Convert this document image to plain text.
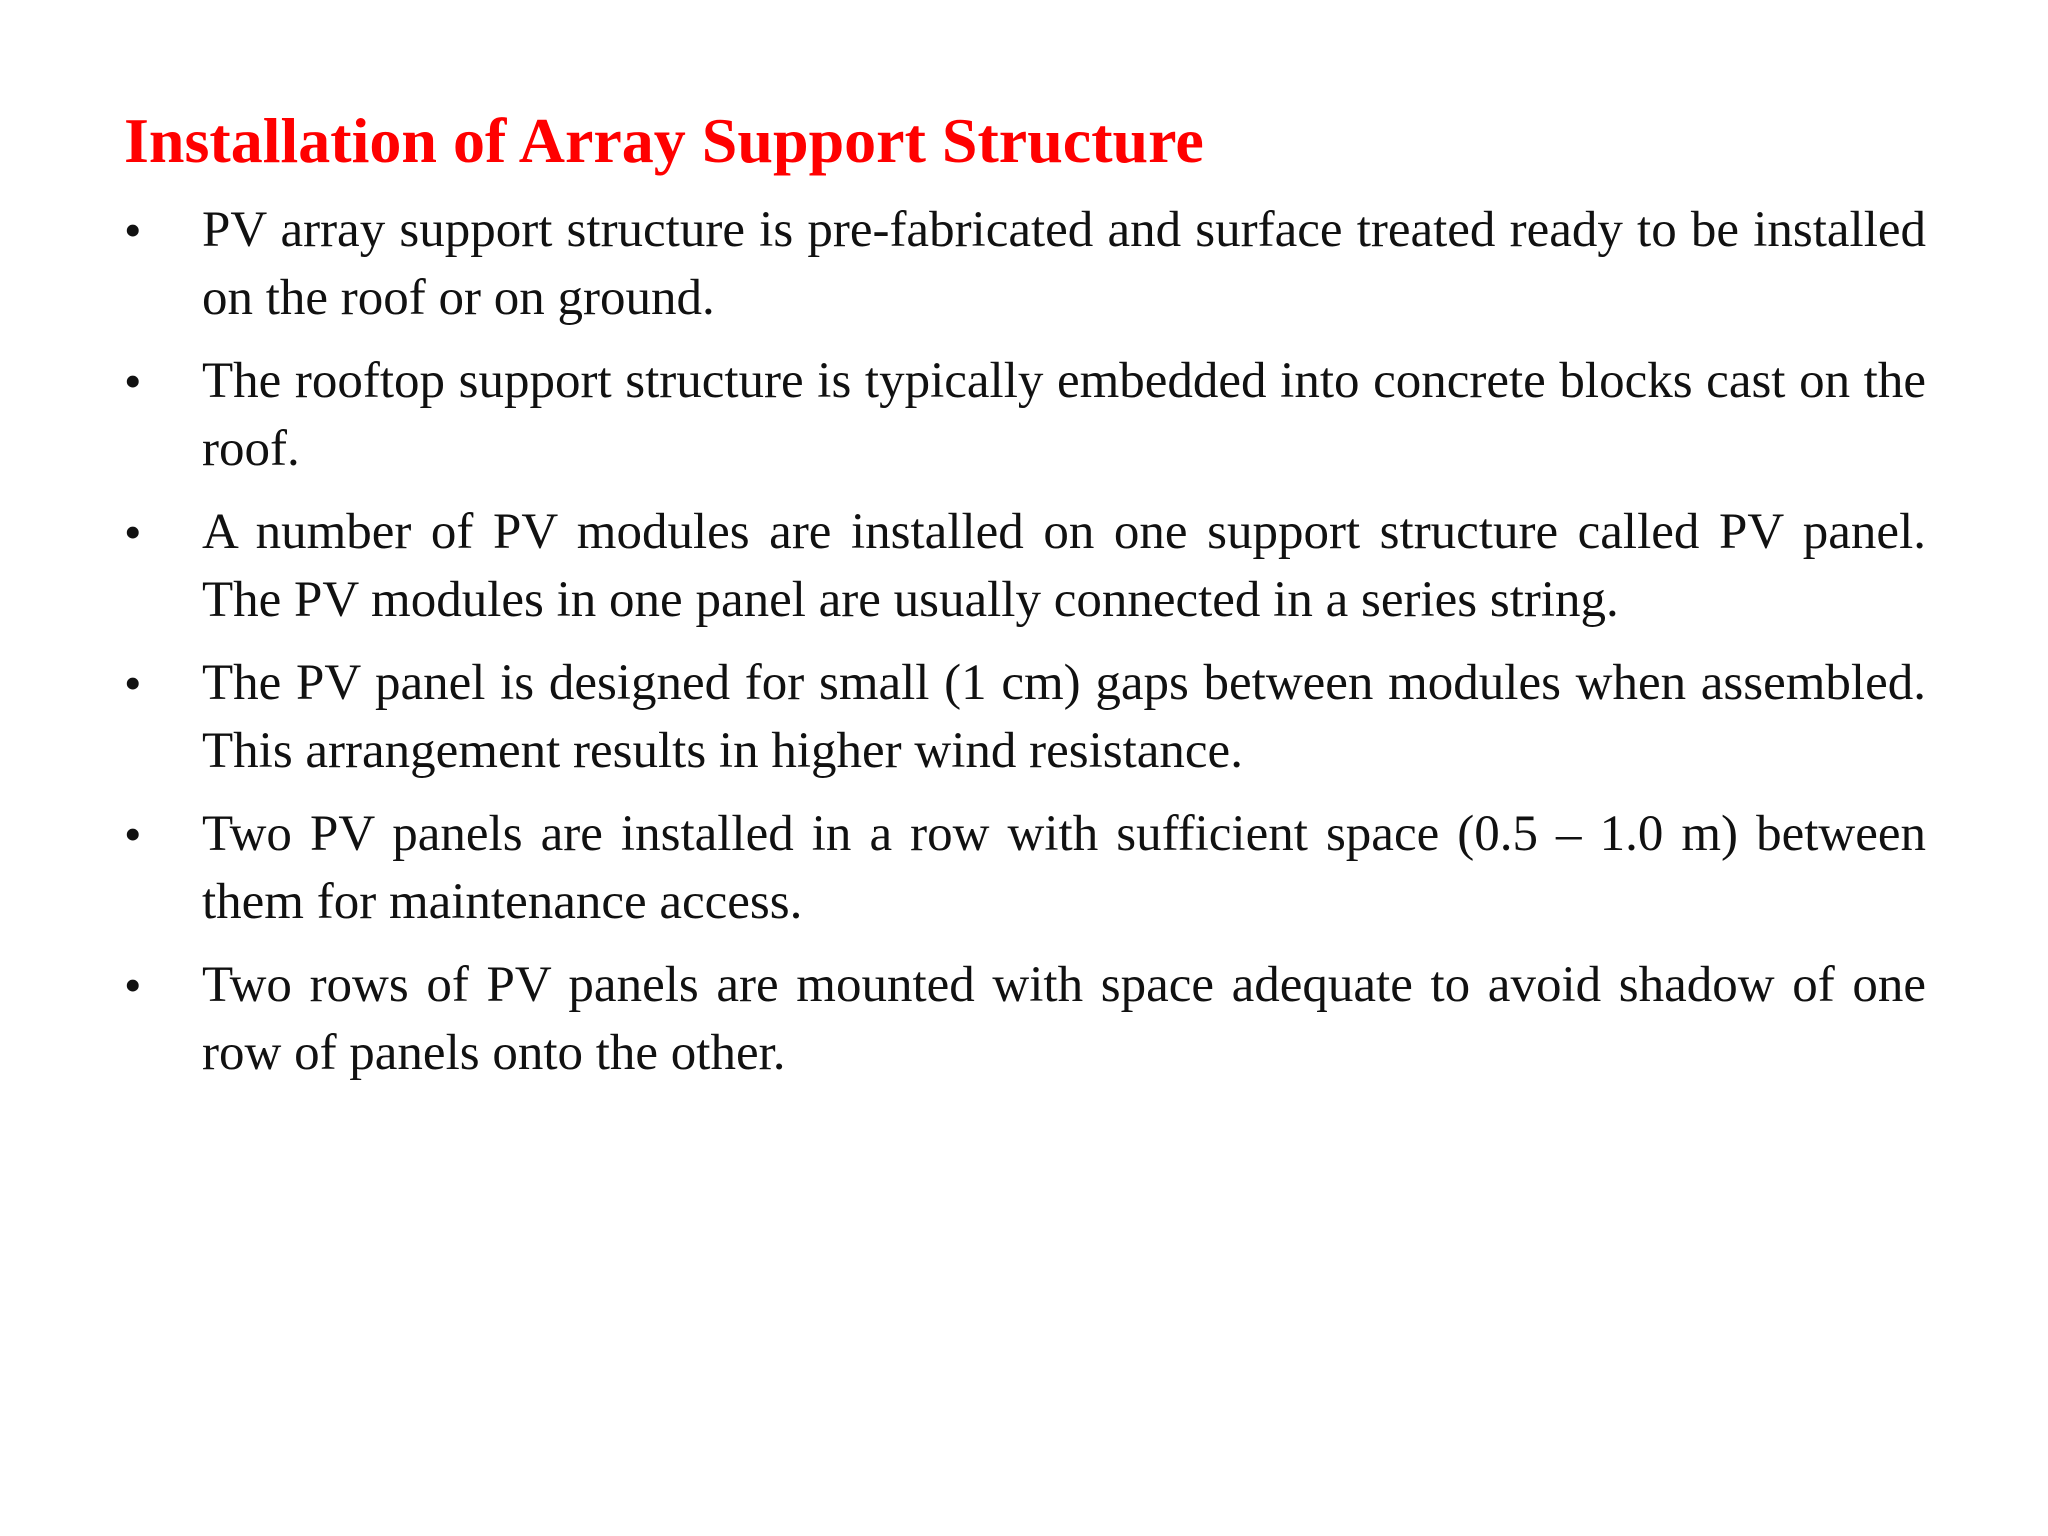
Installation of Array Support Structure
•	PV array support structure is pre-fabricated and surface treated ready to be installed on the roof or on ground.
•	The rooftop support structure is typically embedded into concrete blocks cast on the roof.
•	A number of PV modules are installed on one support structure called PV panel. The PV modules in one panel are usually connected in a series string.
•	The PV panel is designed for small (1 cm) gaps between modules when assembled. This arrangement results in higher wind resistance.
•	Two PV panels are installed in a row with sufficient space (0.5 – 1.0 m) between them for maintenance access.
•	Two rows of PV panels are mounted with space adequate to avoid shadow of one row of panels onto the other.
